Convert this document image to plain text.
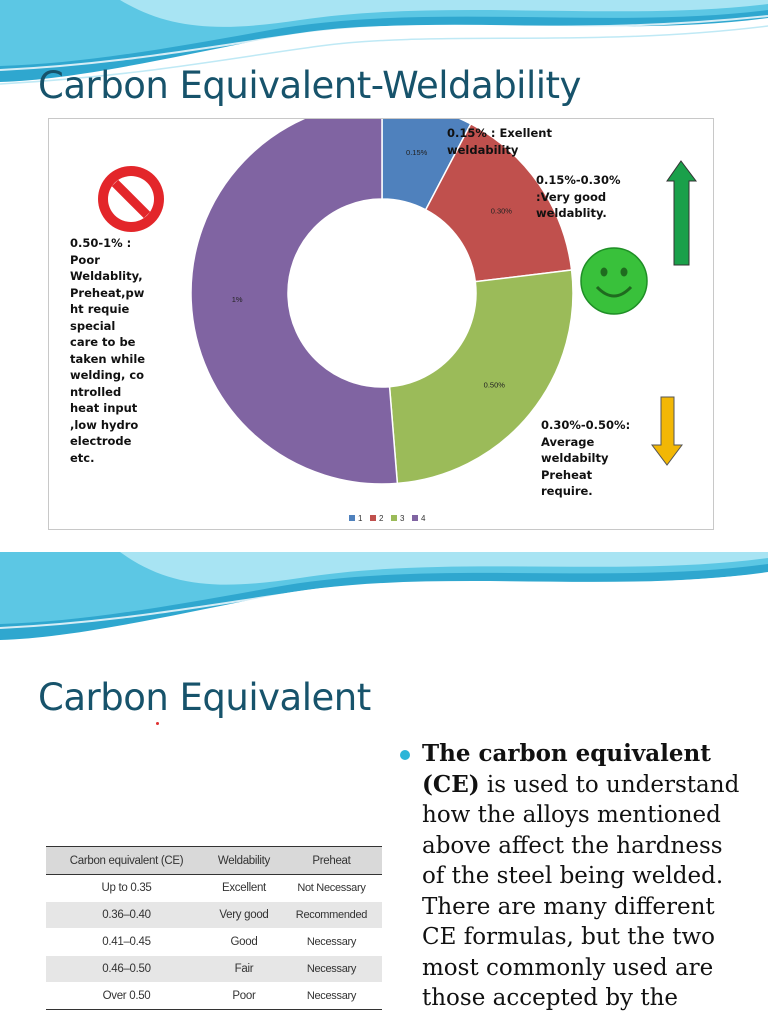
Carbon Equivalent-Weldability
0.15%
0.30%
0.50%
1%
1 2 3 4
0.15% : Exellent
weldability
0.15%-0.30%
:Very good
weldablity.
0.30%-0.50%:
Average
weldabilty
Preheat
require.
0.50-1% :
Poor
Weldablity,
Preheat,pw
ht requie
special
care to be
taken while
welding, co
ntrolled
heat input
,low hydro
electrode
etc.
Carbon Equivalent
Carbon equivalent (CE)	Weldability	Preheat
Up to 0.35	Excellent	Not Necessary
0.36–0.40	Very good	Recommended
0.41–0.45	Good	Necessary
0.46–0.50	Fair	Necessary
Over 0.50	Poor	Necessary
The carbon equivalent (CE) is used to understand how the alloys mentioned above affect the hardness of the steel being welded. There are many different CE formulas, but the two most commonly used are those accepted by the
